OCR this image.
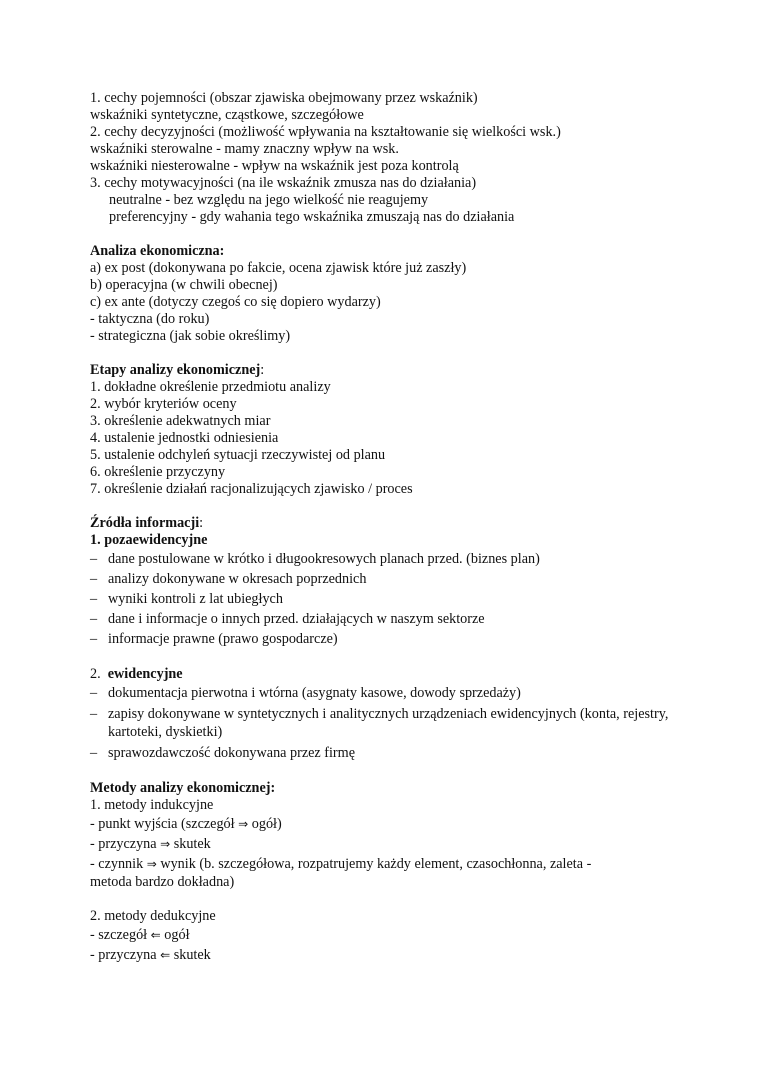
1. cechy pojemności (obszar zjawiska obejmowany przez wskaźnik)
wskaźniki syntetyczne, cząstkowe, szczegółowe
2. cechy decyzyjności (możliwość wpływania na kształtowanie się wielkości wsk.)
wskaźniki sterowalne - mamy znaczny wpływ na wsk.
wskaźniki niesterowalne - wpływ na wskaźnik jest poza kontrolą
3. cechy motywacyjności (na ile wskaźnik zmusza nas do działania)
neutralne - bez względu na jego wielkość nie reagujemy
preferencyjny - gdy wahania tego wskaźnika zmuszają nas do działania
Analiza ekonomiczna:
a) ex post (dokonywana po fakcie, ocena zjawisk które już zaszły)
b) operacyjna (w chwili obecnej)
c) ex ante (dotyczy czegoś co się dopiero wydarzy)
- taktyczna (do roku)
- strategiczna (jak sobie określimy)
Etapy analizy ekonomicznej:
1. dokładne określenie przedmiotu analizy
2. wybór kryteriów oceny
3. określenie adekwatnych miar
4. ustalenie jednostki odniesienia
5. ustalenie odchyleń sytuacji rzeczywistej od planu
6. określenie przyczyny
7. określenie działań racjonalizujących zjawisko / proces
Źródła informacji:
1. pozaewidencyjne
– dane postulowane w krótko i długookresowych planach przed. (biznes plan)
– analizy dokonywane w okresach poprzednich
– wyniki kontroli z lat ubiegłych
– dane i informacje o innych przed. działających w naszym sektorze
– informacje prawne (prawo gospodarcze)
2.  ewidencyjne
– dokumentacja pierwotna i wtórna (asygnaty kasowe, dowody sprzedaży)
– zapisy dokonywane w syntetycznych i analitycznych urządzeniach ewidencyjnych (konta, rejestry, kartoteki, dyskietki)
– sprawozdawczość dokonywana przez firmę
Metody analizy ekonomicznej:
1. metody indukcyjne
- punkt wyjścia (szczegół ⇒ ogół)
- przyczyna ⇒ skutek
- czynnik ⇒ wynik (b. szczegółowa, rozpatrujemy każdy element, czasochłonna, zaleta -
metoda bardzo dokładna)
2. metody dedukcyjne
- szczegół ⇐ ogół
- przyczyna ⇐ skutek
